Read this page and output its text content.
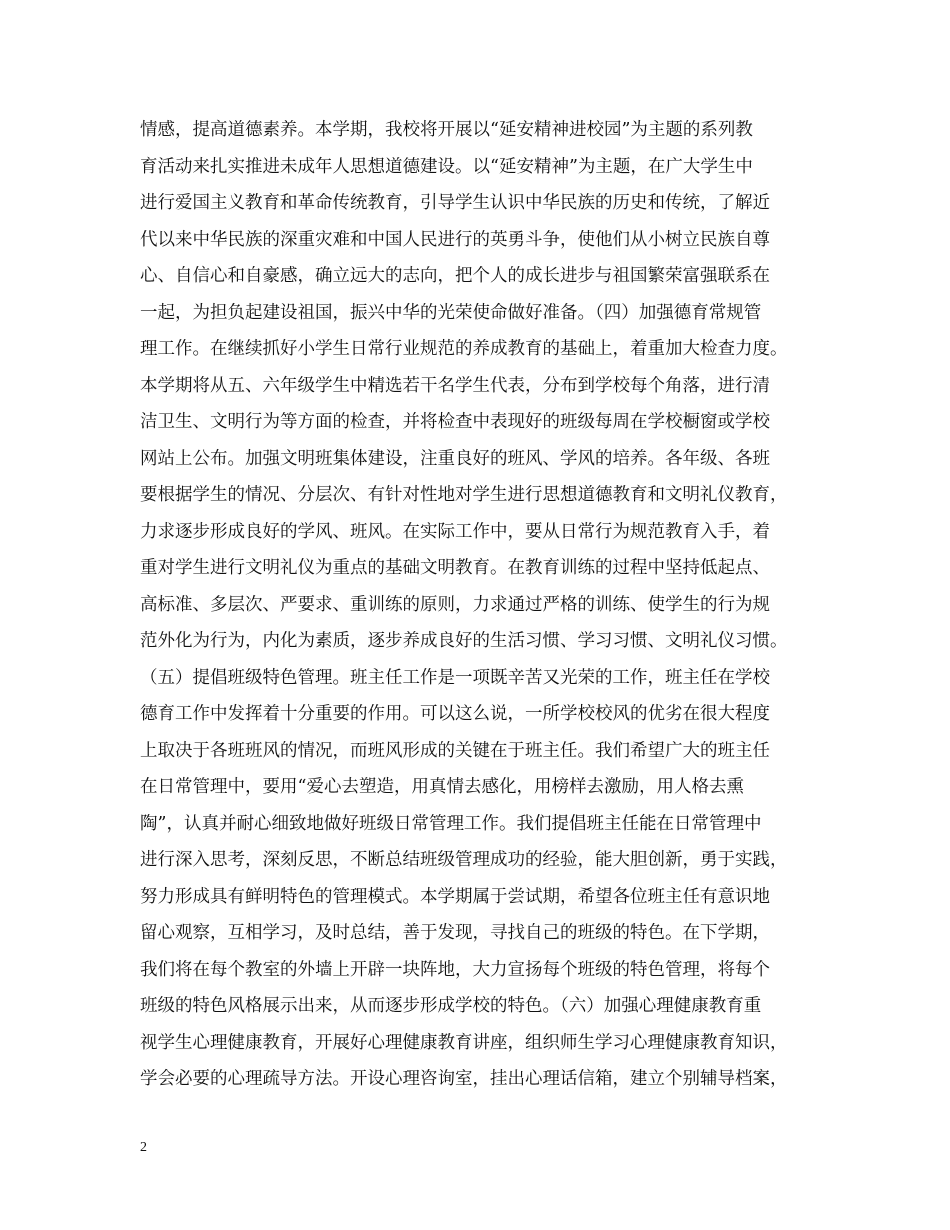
情感，提高道德素养。本学期，我校将开展以“延安精神进校园”为主题的系列教
育活动来扎实推进未成年人思想道德建设。以“延安精神”为主题，在广大学生中
进行爱国主义教育和革命传统教育，引导学生认识中华民族的历史和传统，了解近
代以来中华民族的深重灾难和中国人民进行的英勇斗争，使他们从小树立民族自尊
心、自信心和自豪感，确立远大的志向，把个人的成长进步与祖国繁荣富强联系在
一起，为担负起建设祖国，振兴中华的光荣使命做好准备。（四）加强德育常规管
理工作。在继续抓好小学生日常行业规范的养成教育的基础上，着重加大检查力度。
本学期将从五、六年级学生中精选若干名学生代表，分布到学校每个角落，进行清
洁卫生、文明行为等方面的检查，并将检查中表现好的班级每周在学校橱窗或学校
网站上公布。加强文明班集体建设，注重良好的班风、学风的培养。各年级、各班
要根据学生的情况、分层次、有针对性地对学生进行思想道德教育和文明礼仪教育，
力求逐步形成良好的学风、班风。在实际工作中，要从日常行为规范教育入手，着
重对学生进行文明礼仪为重点的基础文明教育。在教育训练的过程中坚持低起点、
高标准、多层次、严要求、重训练的原则，力求通过严格的训练、使学生的行为规
范外化为行为，内化为素质，逐步养成良好的生活习惯、学习习惯、文明礼仪习惯。
（五）提倡班级特色管理。班主任工作是一项既辛苦又光荣的工作，班主任在学校
德育工作中发挥着十分重要的作用。可以这么说，一所学校校风的优劣在很大程度
上取决于各班班风的情况，而班风形成的关键在于班主任。我们希望广大的班主任
在日常管理中，要用“爱心去塑造，用真情去感化，用榜样去激励，用人格去熏
陶”，认真并耐心细致地做好班级日常管理工作。我们提倡班主任能在日常管理中
进行深入思考，深刻反思，不断总结班级管理成功的经验，能大胆创新，勇于实践，
努力形成具有鲜明特色的管理模式。本学期属于尝试期，希望各位班主任有意识地
留心观察，互相学习，及时总结，善于发现，寻找自己的班级的特色。在下学期，
我们将在每个教室的外墙上开辟一块阵地，大力宣扬每个班级的特色管理，将每个
班级的特色风格展示出来，从而逐步形成学校的特色。（六）加强心理健康教育重
视学生心理健康教育，开展好心理健康教育讲座，组织师生学习心理健康教育知识，
学会必要的心理疏导方法。开设心理咨询室，挂出心理话信箱，建立个别辅导档案，
2
